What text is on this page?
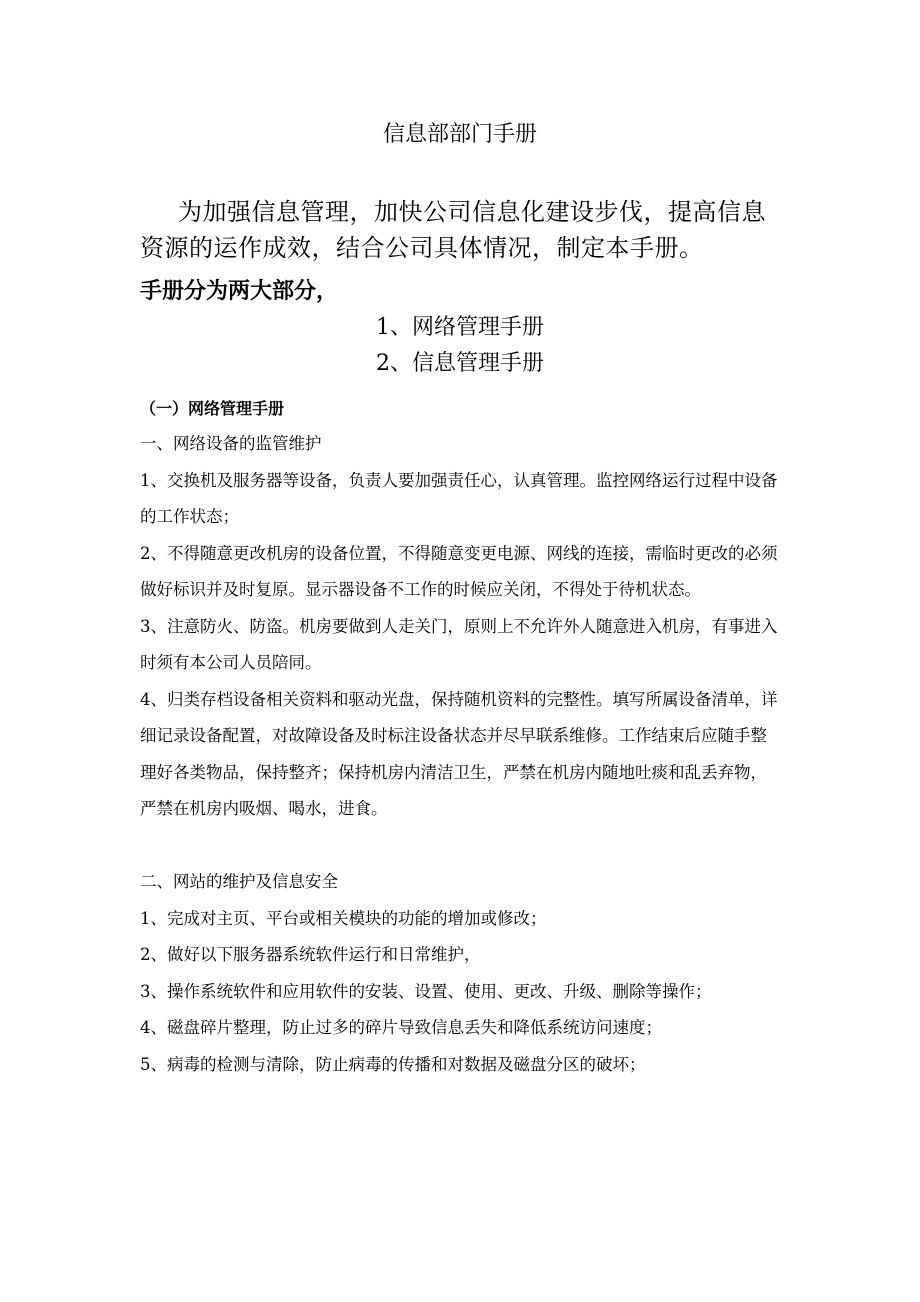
信息部部门手册
为加强信息管理，加快公司信息化建设步伐，提高信息
资源的运作成效，结合公司具体情况，制定本手册。
手册分为两大部分，
1、网络管理手册
2、信息管理手册
（一）网络管理手册

一、网络设备的监管维护

1、交换机及服务器等设备，负责人要加强责任心，认真管理。监控网络运行过程中设备的工作状态；

2、不得随意更改机房的设备位置，不得随意变更电源、网线的连接，需临时更改的必须做好标识并及时复原。显示器设备不工作的时候应关闭，不得处于待机状态。

3、注意防火、防盗。机房要做到人走关门，原则上不允许外人随意进入机房，有事进入时须有本公司人员陪同。

4、归类存档设备相关资料和驱动光盘，保持随机资料的完整性。填写所属设备清单，详细记录设备配置，对故障设备及时标注设备状态并尽早联系维修。工作结束后应随手整理好各类物品，保持整齐；保持机房内清洁卫生，严禁在机房内随地吐痰和乱丢弃物，严禁在机房内吸烟、喝水，进食。

二、网站的维护及信息安全

1、完成对主页、平台或相关模块的功能的增加或修改；

2、做好以下服务器系统软件运行和日常维护，

3、操作系统软件和应用软件的安装、设置、使用、更改、升级、删除等操作；

4、磁盘碎片整理，防止过多的碎片导致信息丢失和降低系统访问速度；

5、病毒的检测与清除，防止病毒的传播和对数据及磁盘分区的破坏；
